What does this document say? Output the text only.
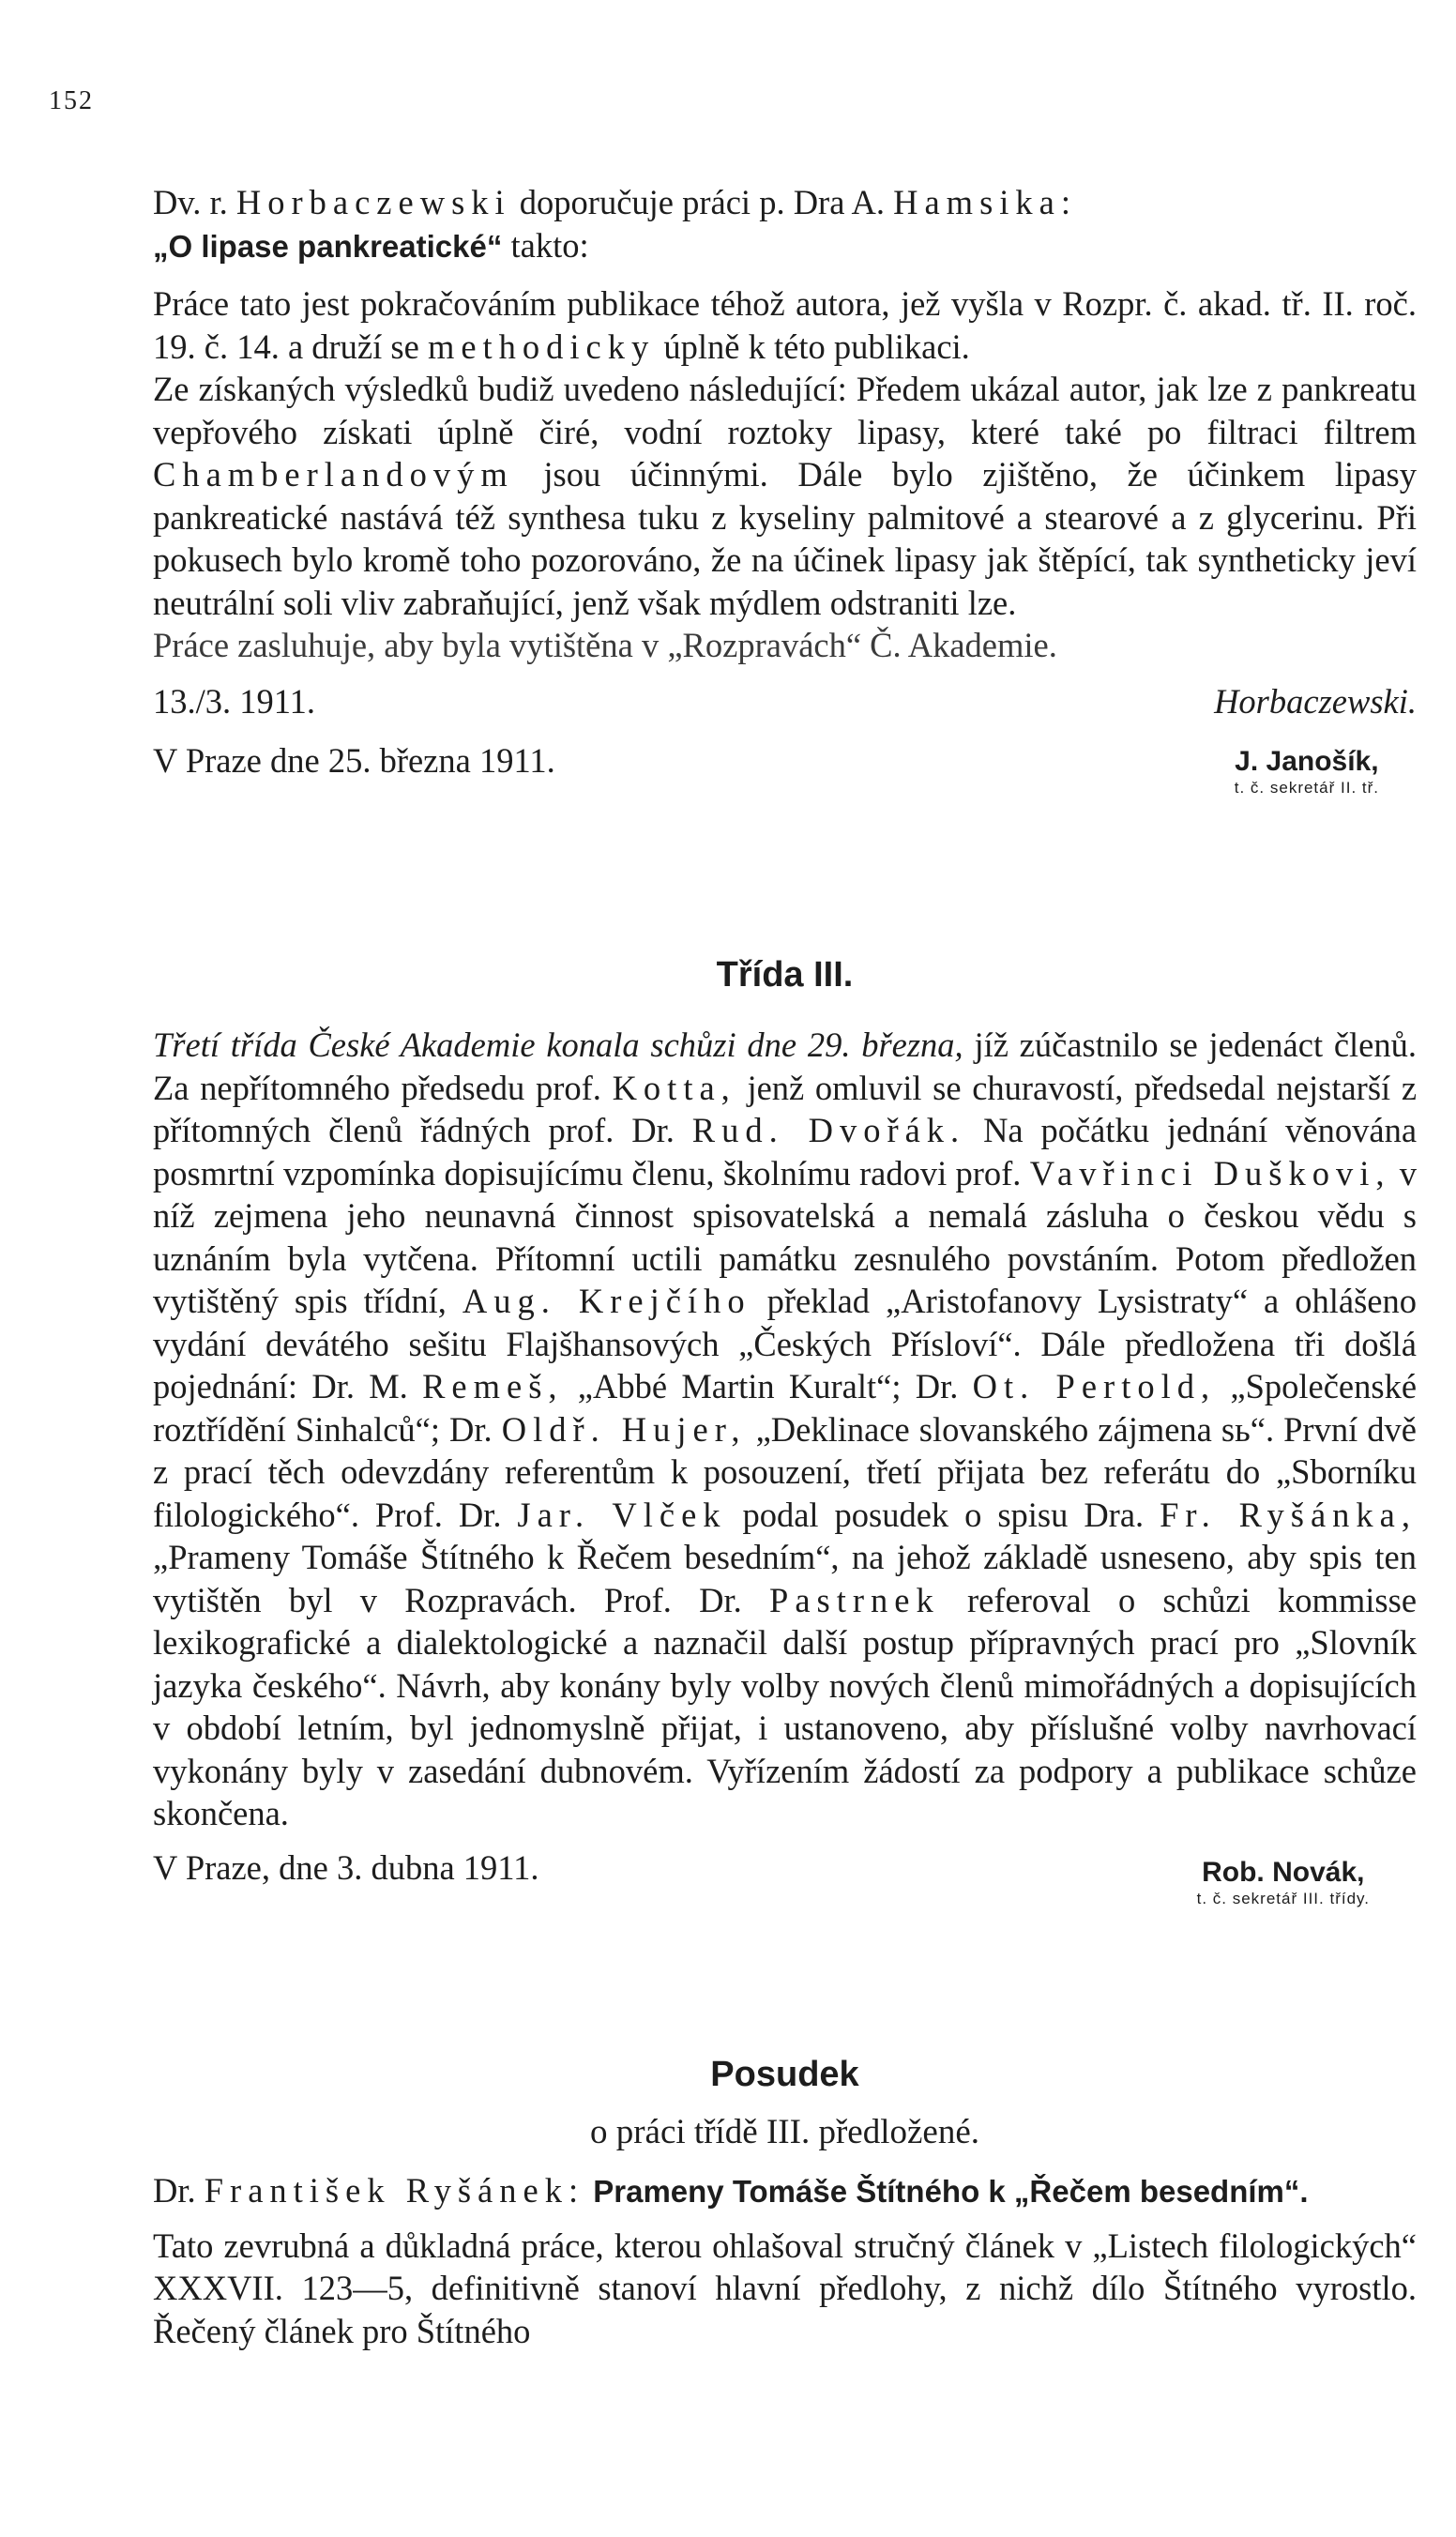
152

Dv. r. Horbaczewski doporučuje práci p. Dra A. Hamsika:
„O lipase pankreatické“ takto:

Práce tato jest pokračováním publikace téhož autora, jež vyšla v Rozpr. č. akad. tř. II. roč. 19. č. 14. a druží se methodicky úplně k této publikaci.

Ze získaných výsledků budiž uvedeno následující: Předem ukázal autor, jak lze z pankreatu vepřového získati úplně čiré, vodní roztoky lipasy, které také po filtraci filtrem Chamberlandovým jsou účinnými. Dále bylo zjištěno, že účinkem lipasy pankreatické nastává též synthesa tuku z kyseliny palmitové a stearové a z glycerinu. Při pokusech bylo kromě toho pozorováno, že na účinek lipasy jak štěpící, tak syntheticky jeví neutrální soli vliv zabraňující, jenž však mýdlem odstraniti lze.

Práce zasluhuje, aby byla vytištěna v „Rozpravách“ Č. Akademie.

13./3. 1911.	Horbaczewski.
V Praze dne 25. března 1911.	J. Janošík,
t. č. sekretář II. tř.
Třída III.

Třetí třída České Akademie konala schůzi dne 29. března, jíž zúčastnilo se jedenáct členů. Za nepřítomného předsedu prof. Kotta, jenž omluvil se churavostí, předsedal nejstarší z přítomných členů řádných prof. Dr. Rud. Dvořák. Na počátku jednání věnována posmrtní vzpomínka dopisujícímu členu, školnímu radovi prof. Vavřinci Duškovi, v níž zejmena jeho neunavná činnost spisovatelská a nemalá zásluha o českou vědu s uznáním byla vytčena. Přítomní uctili památku zesnulého povstáním. Potom předložen vytištěný spis třídní, Aug. Krejčího překlad „Aristofanovy Lysistraty“ a ohlášeno vydání devátého sešitu Flajšhansových „Českých Přísloví“. Dále předložena tři došlá pojednání: Dr. M. Remeš, „Abbé Martin Kuralt“; Dr. Ot. Pertold, „Společenské roztřídění Sinhalců“; Dr. Oldř. Hujer, „Deklinace slovanského zájmena sь“. První dvě z prací těch odevzdány referentům k posouzení, třetí přijata bez referátu do „Sborníku filologického“. Prof. Dr. Jar. Vlček podal posudek o spisu Dra. Fr. Ryšánka, „Prameny Tomáše Štítného k Řečem besedním“, na jehož základě usneseno, aby spis ten vytištěn byl v Rozpravách. Prof. Dr. Pastrnek referoval o schůzi kommisse lexikografické a dialektologické a naznačil další postup přípravných prací pro „Slovník jazyka českého“. Návrh, aby konány byly volby nových členů mimořádných a dopisujících v období letním, byl jednomyslně přijat, i ustanoveno, aby příslušné volby navrhovací vykonány byly v zasedání dubnovém. Vyřízením žádostí za podpory a publikace schůze skončena.

V Praze, dne 3. dubna 1911.	Rob. Novák,
t. č. sekretář III. třídy.
Posudek
o práci třídě III. předložené.

Dr. František Ryšánek: Prameny Tomáše Štítného k „Řečem besedním“.

Tato zevrubná a důkladná práce, kterou ohlašoval stručný článek v „Listech filologických“ XXXVII. 123—5, definitivně stanoví hlavní předlohy, z nichž dílo Štítného vyrostlo. Řečený článek pro Štítného
